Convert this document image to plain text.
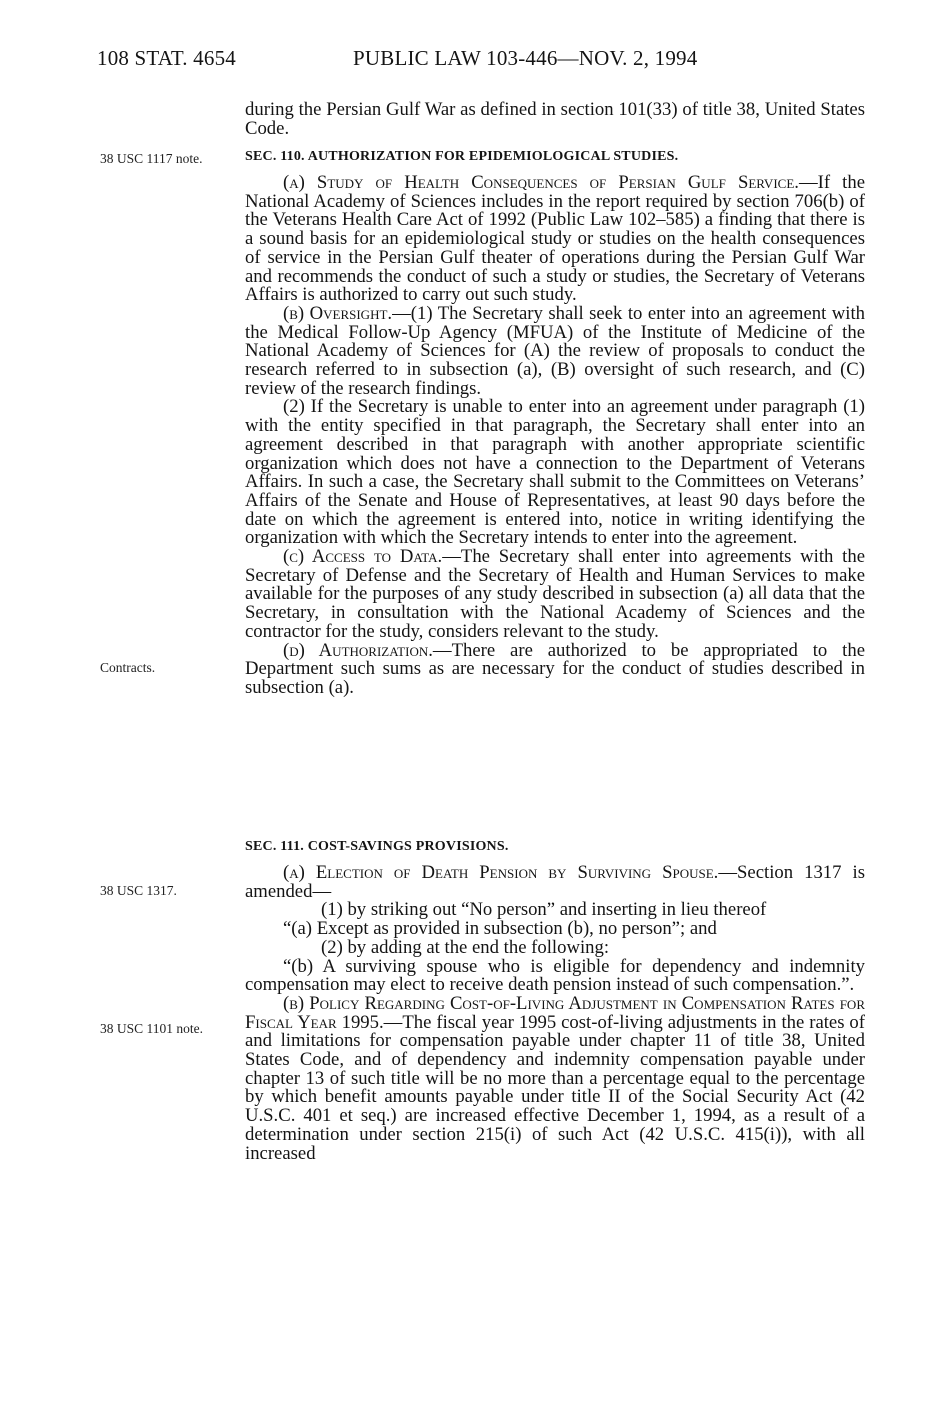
108 STAT. 4654	PUBLIC LAW 103-446—NOV. 2, 1994
38 USC 1117 note.
Contracts.
38 USC 1317.
38 USC 1101 note.

during the Persian Gulf War as defined in section 101(33) of title 38, United States Code.

SEC. 110. AUTHORIZATION FOR EPIDEMIOLOGICAL STUDIES.

(a) Study of Health Consequences of Persian Gulf Service.—If the National Academy of Sciences includes in the report required by section 706(b) of the Veterans Health Care Act of 1992 (Public Law 102–585) a finding that there is a sound basis for an epidemiological study or studies on the health consequences of service in the Persian Gulf theater of operations during the Persian Gulf War and recommends the conduct of such a study or studies, the Secretary of Veterans Affairs is authorized to carry out such study.

(b) Oversight.—(1) The Secretary shall seek to enter into an agreement with the Medical Follow-Up Agency (MFUA) of the Institute of Medicine of the National Academy of Sciences for (A) the review of proposals to conduct the research referred to in subsection (a), (B) oversight of such research, and (C) review of the research findings.

(2) If the Secretary is unable to enter into an agreement under paragraph (1) with the entity specified in that paragraph, the Secretary shall enter into an agreement described in that paragraph with another appropriate scientific organization which does not have a connection to the Department of Veterans Affairs. In such a case, the Secretary shall submit to the Committees on Veterans’ Affairs of the Senate and House of Representatives, at least 90 days before the date on which the agreement is entered into, notice in writing identifying the organization with which the Secretary intends to enter into the agreement.

(c) Access to Data.—The Secretary shall enter into agreements with the Secretary of Defense and the Secretary of Health and Human Services to make available for the purposes of any study described in subsection (a) all data that the Secretary, in consultation with the National Academy of Sciences and the contractor for the study, considers relevant to the study.

(d) Authorization.—There are authorized to be appropriated to the Department such sums as are necessary for the conduct of studies described in subsection (a).

SEC. 111. COST-SAVINGS PROVISIONS.

(a) Election of Death Pension by Surviving Spouse.—Section 1317 is amended—

(1) by striking out “No person” and inserting in lieu thereof

“(a) Except as provided in subsection (b), no person”; and

(2) by adding at the end the following:

“(b) A surviving spouse who is eligible for dependency and indemnity compensation may elect to receive death pension instead of such compensation.”.

(b) Policy Regarding Cost-of-Living Adjustment in Compensation Rates for Fiscal Year 1995.—The fiscal year 1995 cost-of-living adjustments in the rates of and limitations for compensation payable under chapter 11 of title 38, United States Code, and of dependency and indemnity compensation payable under chapter 13 of such title will be no more than a percentage equal to the percentage by which benefit amounts payable under title II of the Social Security Act (42 U.S.C. 401 et seq.) are increased effective December 1, 1994, as a result of a determination under section 215(i) of such Act (42 U.S.C. 415(i)), with all increased
